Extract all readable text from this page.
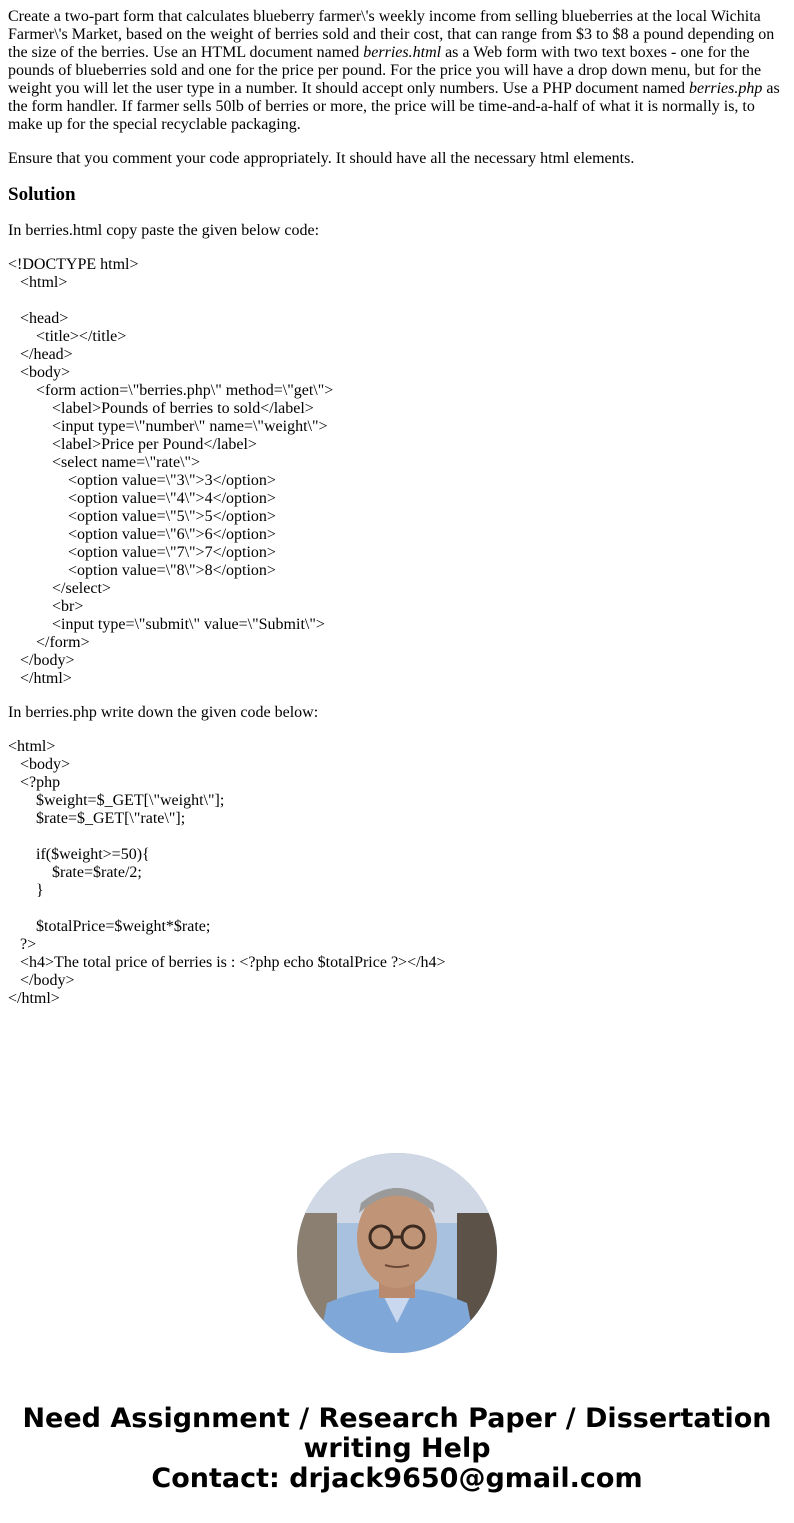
Create a two-part form that calculates blueberry farmer\'s weekly income from selling blueberries at the local Wichita Farmer\'s Market, based on the weight of berries sold and their cost, that can range from $3 to $8 a pound depending on the size of the berries. Use an HTML document named berries.html as a Web form with two text boxes - one for the pounds of blueberries sold and one for the price per pound. For the price you will have a drop down menu, but for the weight you will let the user type in a number. It should accept only numbers. Use a PHP document named berries.php as the form handler. If farmer sells 50lb of berries or more, the price will be time-and-a-half of what it is normally is, to make up for the special recyclable packaging.

Ensure that you comment your code appropriately. It should have all the necessary html elements.

Solution

In berries.html copy paste the given below code:

<!DOCTYPE html>
<html>
<head>
<title></title>
</head>
<body>
<form action=\"berries.php\" method=\"get\">
<label>Pounds of berries to sold</label>
<input type=\"number\" name=\"weight\">
<label>Price per Pound</label>
<select name=\"rate\">
<option value=\"3\">3</option>
<option value=\"4\">4</option>
<option value=\"5\">5</option>
<option value=\"6\">6</option>
<option value=\"7\">7</option>
<option value=\"8\">8</option>
</select>
<br>
<input type=\"submit\" value=\"Submit\">
</form>
</body>
</html>

In berries.php write down the given code below:

<html>
<body>
<?php
$weight=$_GET[\"weight\"];
$rate=$_GET[\"rate\"];
if($weight>=50){
$rate=$rate/2;
}
$totalPrice=$weight*$rate;
?>
<h4>The total price of berries is : <?php echo $totalPrice ?></h4>
</body>
</html>
Need Assignment / Research Paper / Dissertation
writing Help
Contact: drjack9650@gmail.com
